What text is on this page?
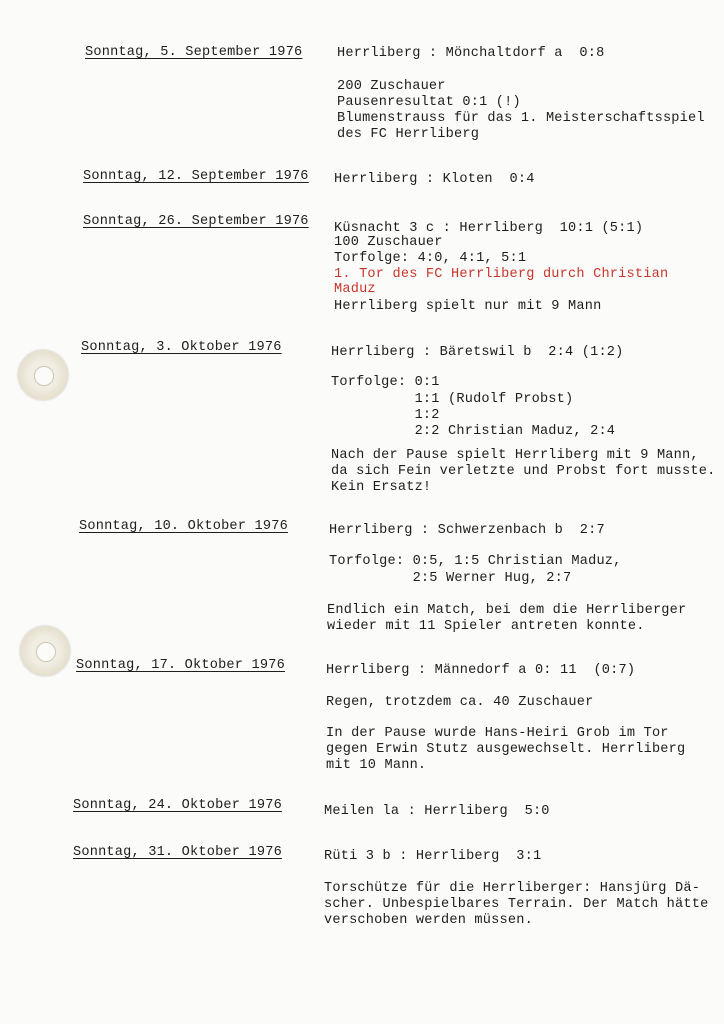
Sonntag, 5. September 1976	Herrliberg : Mönchaltdorf a  0:8
200 Zuschauer
Pausenresultat 0:1 (!)
Blumenstrauss für das 1. Meisterschaftsspiel
des FC Herrliberg
Sonntag, 12. September 1976 Herrliberg : Kloten  0:4
Sonntag, 26. September 1976 Küsnacht 3 c : Herrliberg  10:1 (5:1)
100 Zuschauer
Torfolge: 4:0, 4:1, 5:1
1. Tor des FC Herrliberg durch Christian
Maduz
Herrliberg spielt nur mit 9 Mann
Sonntag, 3. Oktober 1976	Herrliberg : Bäretswil b  2:4 (1:2)
Torfolge: 0:1
1:1 (Rudolf Probst)
1:2
2:2 Christian Maduz, 2:4
Nach der Pause spielt Herrliberg mit 9 Mann,
da sich Fein verletzte und Probst fort musste.
Kein Ersatz!
Sonntag, 10. Oktober 1976	Herrliberg : Schwerzenbach b  2:7
Torfolge: 0:5, 1:5 Christian Maduz,
2:5 Werner Hug, 2:7
Endlich ein Match, bei dem die Herrliberger
wieder mit 11 Spieler antreten konnte.
Sonntag, 17. Oktober 1976	Herrliberg : Männedorf a 0: 11  (0:7)
Regen, trotzdem ca. 40 Zuschauer
In der Pause wurde Hans-Heiri Grob im Tor
gegen Erwin Stutz ausgewechselt. Herrliberg
mit 10 Mann.
Sonntag, 24. Oktober 1976	Meilen la : Herrliberg  5:0
Sonntag, 31. Oktober 1976	Rüti 3 b : Herrliberg  3:1
Torschütze für die Herrliberger: Hansjürg Dä-
scher. Unbespielbares Terrain. Der Match hätte
verschoben werden müssen.
